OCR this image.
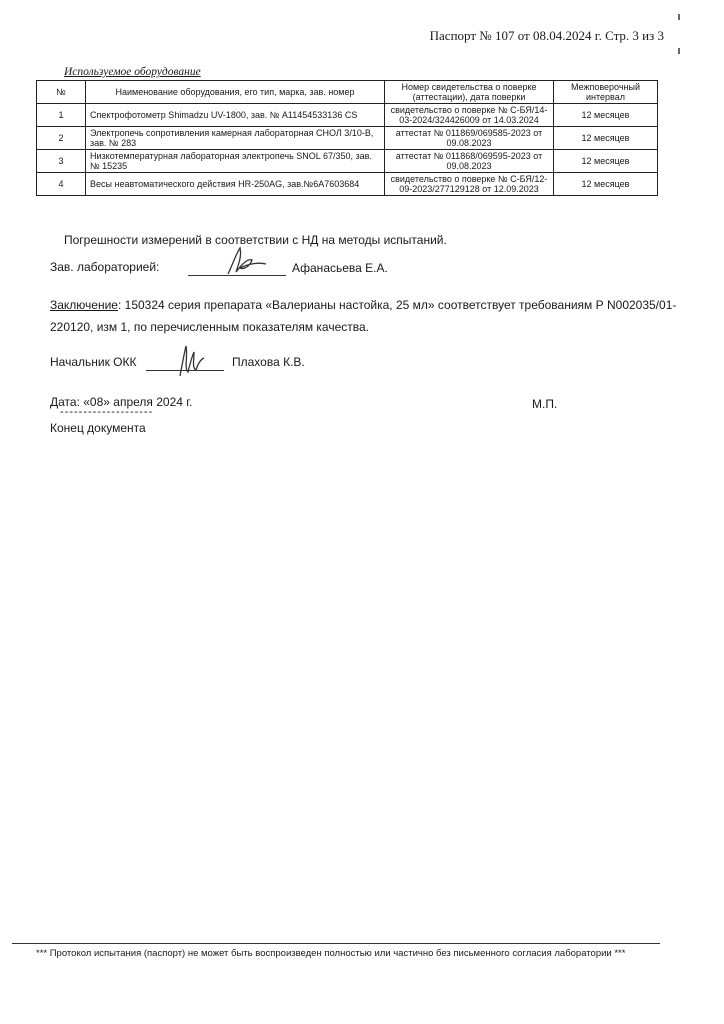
Паспорт № 107 от 08.04.2024 г. Стр. 3 из 3
Используемое оборудование
№	Наименование оборудования, его тип, марка, зав. номер	Номер свидетельства о поверке (аттестации), дата поверки	Межповерочный интервал
1	Спектрофотометр Shimadzu UV-1800, зав. № A11454533136 CS	свидетельство о поверке № С-БЯ/14-03-2024/324426009 от 14.03.2024	12 месяцев
2	Электропечь сопротивления камерная лабораторная СНОЛ 3/10-В, зав. № 283	аттестат № 011869/069585-2023 от 09.08.2023	12 месяцев
3	Низкотемпературная лабораторная электропечь SNOL 67/350, зав.№ 15235	аттестат № 011868/069595-2023 от 09.08.2023	12 месяцев
4	Весы неавтоматического действия HR-250AG, зав.№6А7603684	свидетельство о поверке № С-БЯ/12-09-2023/277129128 от 12.09.2023	12 месяцев
Погрешности измерений в соответствии с НД на методы испытаний.
Зав. лабораторией:	Афанасьева Е.А.
Заключение: 150324 серия препарата «Валерианы настойка, 25 мл» соответствует требованиям Р N002035/01-
220120, изм 1, по перечисленным показателям качества.
Начальник ОКК	Плахова К.В.
Дата: «08» апреля 2024 г.
--------------------
М.П.
Конец документа
*** Протокол испытания (паспорт) не может быть воспроизведен полностью или частично без письменного согласия лаборатории ***
